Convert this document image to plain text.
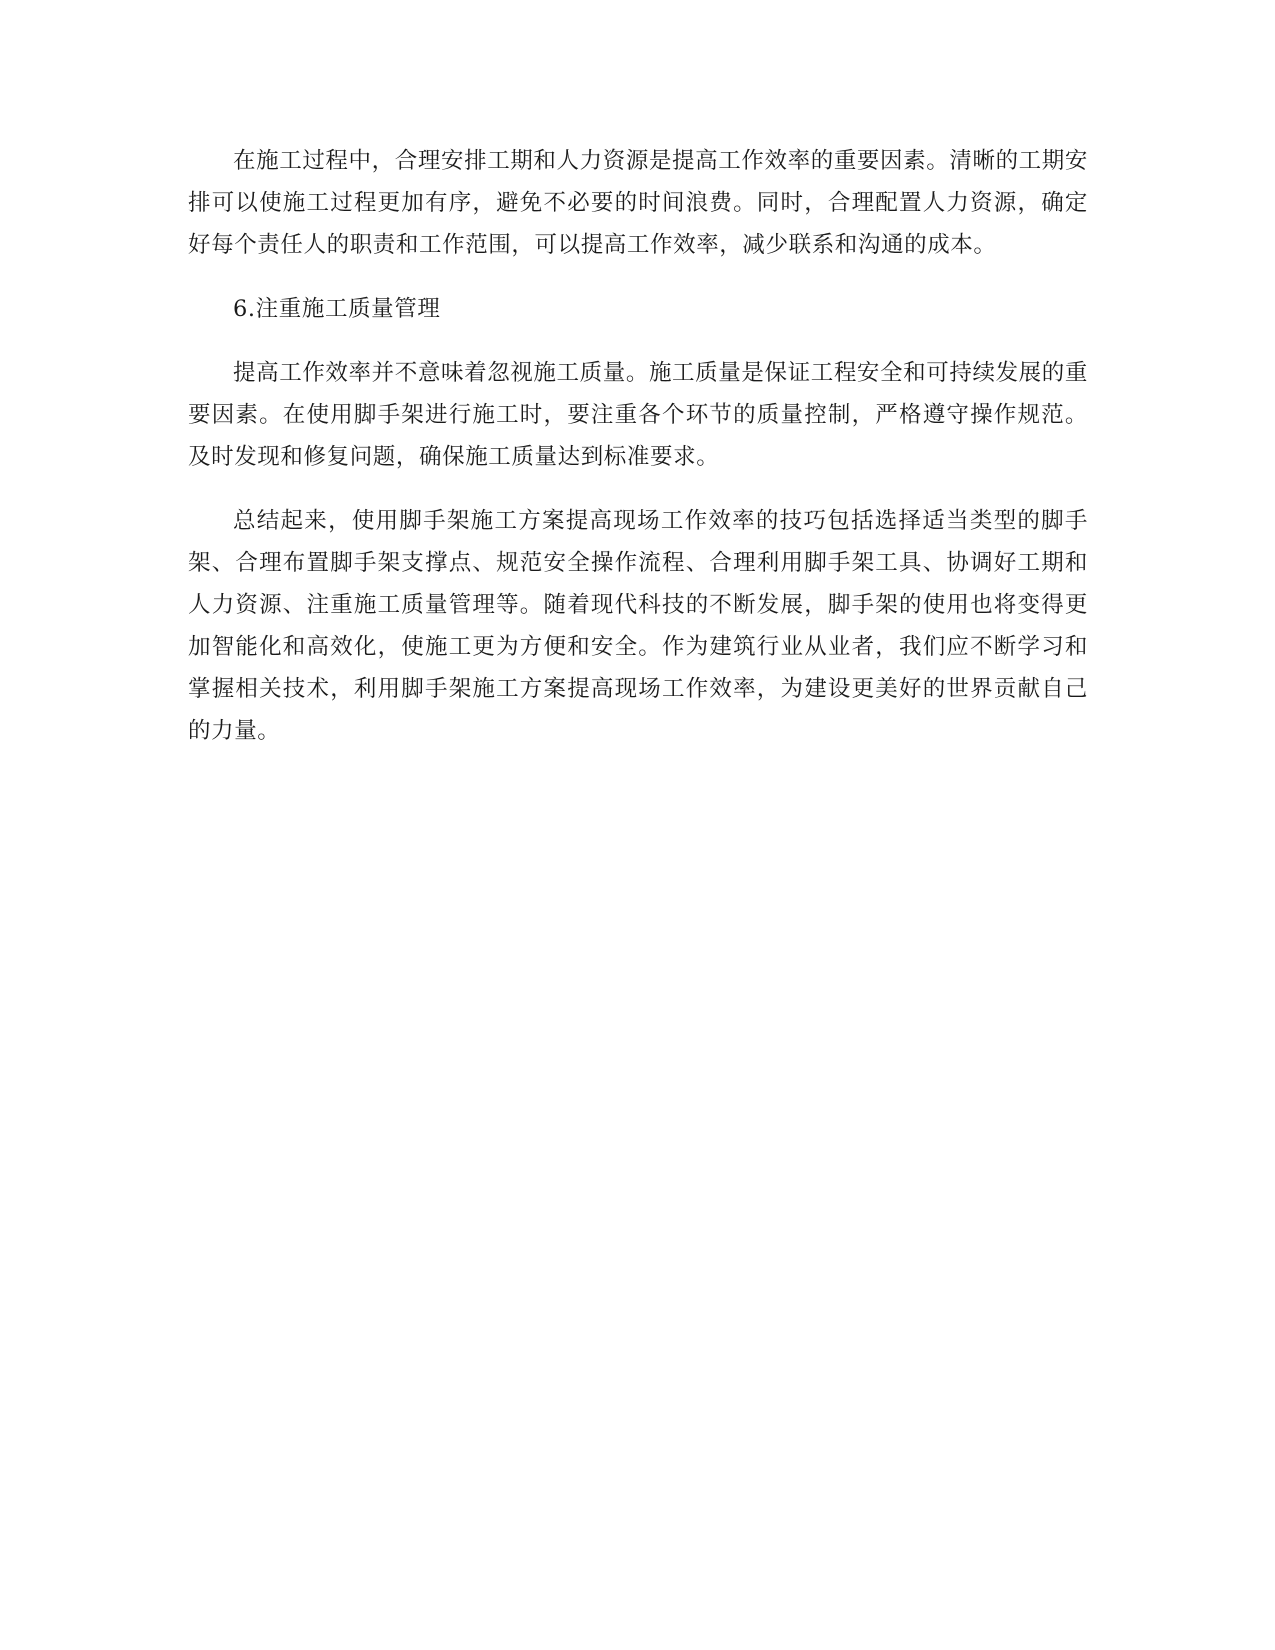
在施工过程中，合理安排工期和人力资源是提高工作效率的重要因素。清晰的工期安排可以使施工过程更加有序，避免不必要的时间浪费。同时，合理配置人力资源，确定好每个责任人的职责和工作范围，可以提高工作效率，减少联系和沟通的成本。

6.注重施工质量管理

提高工作效率并不意味着忽视施工质量。施工质量是保证工程安全和可持续发展的重要因素。在使用脚手架进行施工时，要注重各个环节的质量控制，严格遵守操作规范。及时发现和修复问题，确保施工质量达到标准要求。

总结起来，使用脚手架施工方案提高现场工作效率的技巧包括选择适当类型的脚手架、合理布置脚手架支撑点、规范安全操作流程、合理利用脚手架工具、协调好工期和人力资源、注重施工质量管理等。随着现代科技的不断发展，脚手架的使用也将变得更加智能化和高效化，使施工更为方便和安全。作为建筑行业从业者，我们应不断学习和掌握相关技术，利用脚手架施工方案提高现场工作效率，为建设更美好的世界贡献自己的力量。
